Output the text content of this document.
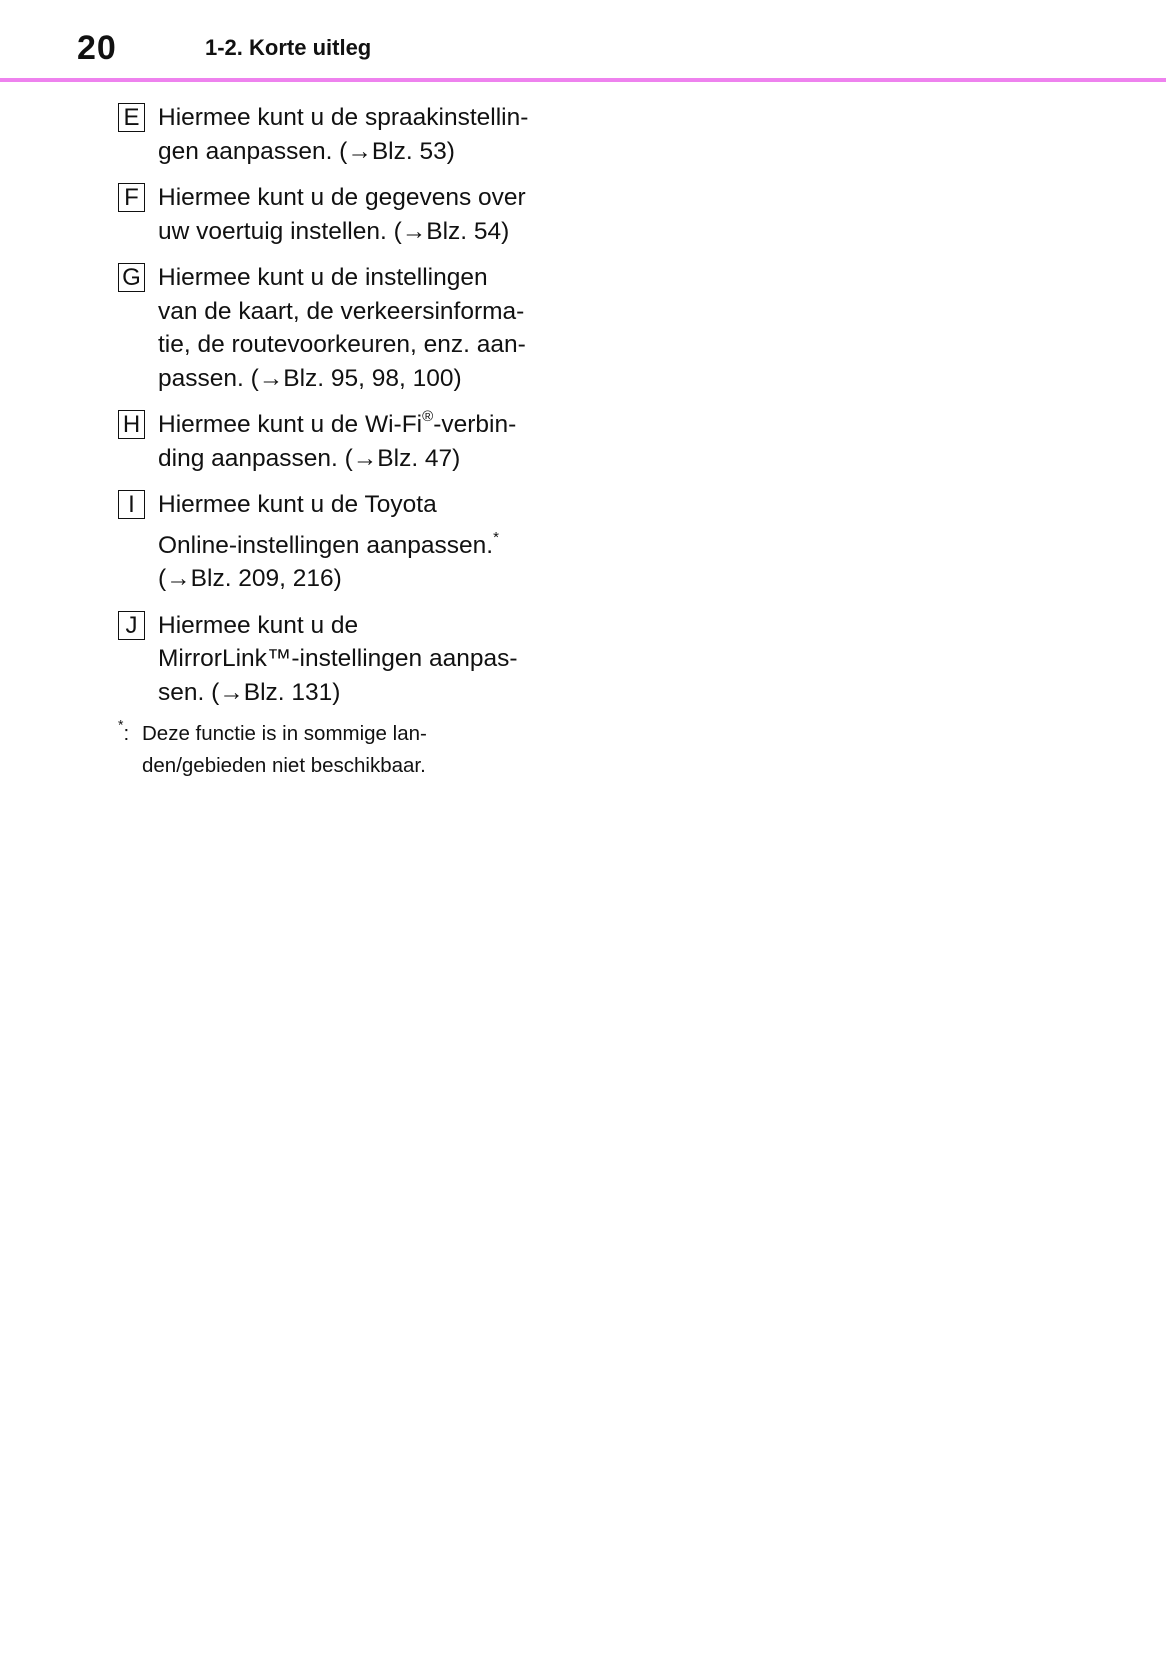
20	1-2. Korte uitleg
E Hiermee kunt u de spraakinstellin-
gen aanpassen. (→Blz. 53)
F Hiermee kunt u de gegevens over
uw voertuig instellen. (→Blz. 54)
G Hiermee kunt u de instellingen
van de kaart, de verkeersinforma-
tie, de routevoorkeuren, enz. aan-
passen. (→Blz. 95, 98, 100)
H Hiermee kunt u de Wi-Fi®-verbin-
ding aanpassen. (→Blz. 47)
I Hiermee kunt u de Toyota
Online-instellingen aanpassen.*
(→Blz. 209, 216)
J Hiermee kunt u de
MirrorLink™-instellingen aanpas-
sen. (→Blz. 131)
*: Deze functie is in sommige lan-
den/gebieden niet beschikbaar.
